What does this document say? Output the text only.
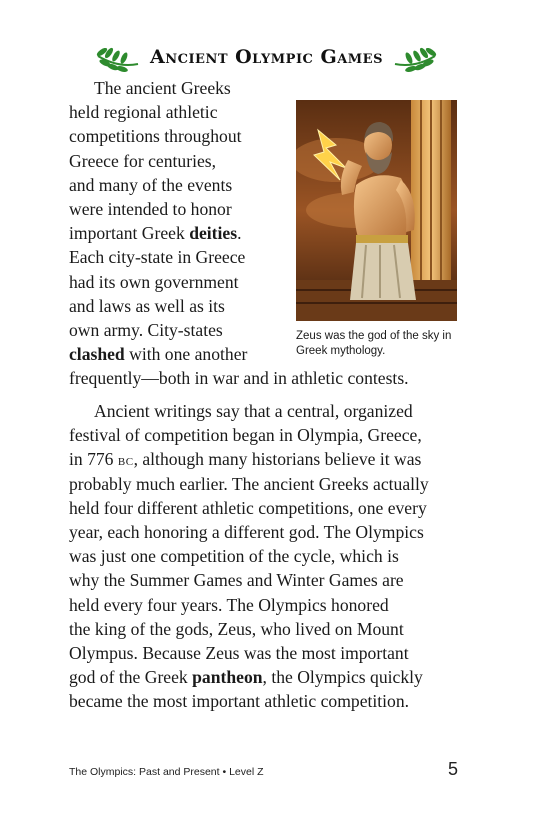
Ancient Olympic Games
The ancient Greeks
held regional athletic
competitions throughout
Greece for centuries,
and many of the events
were intended to honor
important Greek deities.
Each city-state in Greece
had its own government
and laws as well as its
own army. City-states
clashed with one another
frequently—both in war and in athletic contests.
Zeus was the god of the sky in
Greek mythology.
Ancient writings say that a central, organized
festival of competition began in Olympia, Greece,
in 776 BC, although many historians believe it was
probably much earlier. The ancient Greeks actually
held four different athletic competitions, one every
year, each honoring a different god. The Olympics
was just one competition of the cycle, which is
why the Summer Games and Winter Games are
held every four years. The Olympics honored
the king of the gods, Zeus, who lived on Mount
Olympus. Because Zeus was the most important
god of the Greek pantheon, the Olympics quickly
became the most important athletic competition.
The Olympics: Past and Present • Level Z	5
